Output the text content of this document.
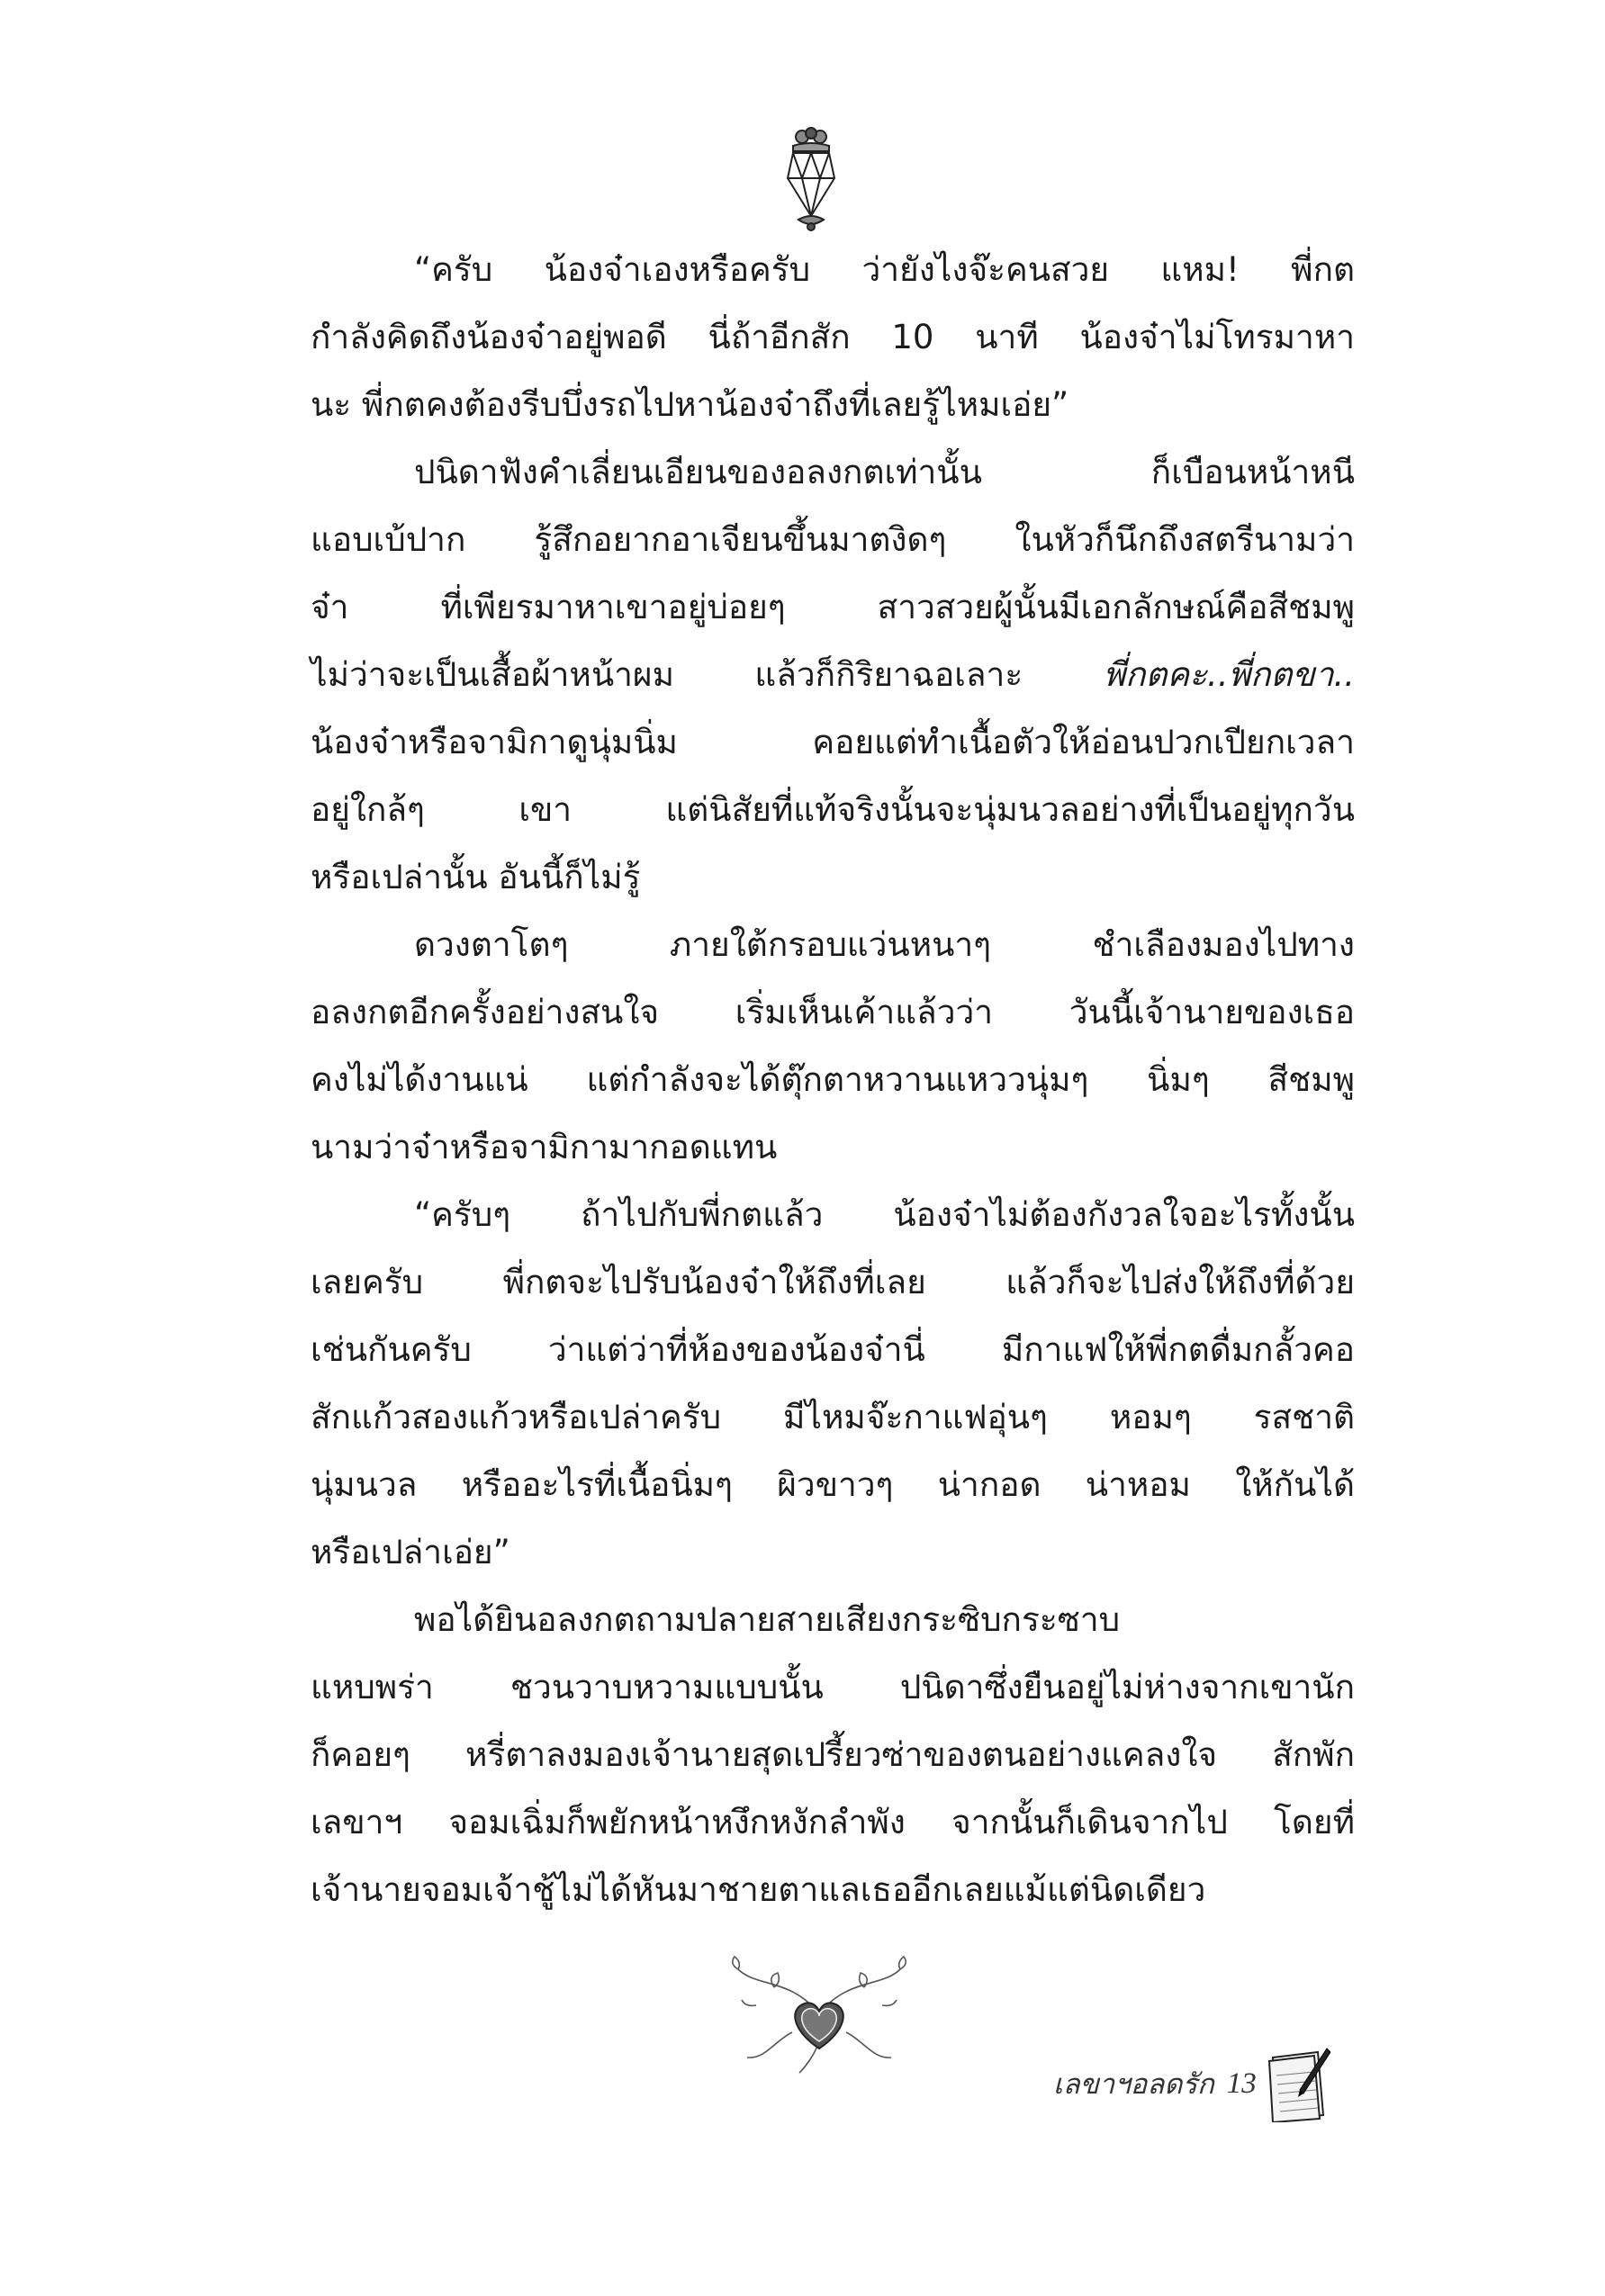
“ครับ น้องจ๋าเองหรือครับ ว่ายังไงจ๊ะคนสวย แหม! พี่กต
กำลังคิดถึงน้องจ๋าอยู่พอดี นี่ถ้าอีกสัก 10 นาที น้องจ๋าไม่โทรมาหา
นะ พี่กตคงต้องรีบบึ่งรถไปหาน้องจ๋าถึงที่เลยรู้ไหมเอ่ย”
ปนิดาฟังคำเลี่ยนเอียนของอลงกตเท่านั้น ก็เบือนหน้าหนี
แอบเบ้ปาก รู้สึกอยากอาเจียนขึ้นมาตงิดๆ ในหัวก็นึกถึงสตรีนามว่า
จ๋า ที่เพียรมาหาเขาอยู่บ่อยๆ สาวสวยผู้นั้นมีเอกลักษณ์คือสีชมพู
ไม่ว่าจะเป็นเสื้อผ้าหน้าผม แล้วก็กิริยาฉอเลาะ พี่กตคะ..พี่กตขา..
น้องจ๋าหรือจามิกาดูนุ่มนิ่ม คอยแต่ทำเนื้อตัวให้อ่อนปวกเปียกเวลา
อยู่ใกล้ๆ เขา แต่นิสัยที่แท้จริงนั้นจะนุ่มนวลอย่างที่เป็นอยู่ทุกวัน
หรือเปล่านั้น อันนี้ก็ไม่รู้
ดวงตาโตๆ ภายใต้กรอบแว่นหนาๆ ชำเลืองมองไปทาง
อลงกตอีกครั้งอย่างสนใจ เริ่มเห็นเค้าแล้วว่า วันนี้เจ้านายของเธอ
คงไม่ได้งานแน่ แต่กำลังจะได้ตุ๊กตาหวานแหววนุ่มๆ นิ่มๆ สีชมพู
นามว่าจ๋าหรือจามิกามากอดแทน
“ครับๆ ถ้าไปกับพี่กตแล้ว น้องจ๋าไม่ต้องกังวลใจอะไรทั้งนั้น
เลยครับ พี่กตจะไปรับน้องจ๋าให้ถึงที่เลย แล้วก็จะไปส่งให้ถึงที่ด้วย
เช่นกันครับ ว่าแต่ว่าที่ห้องของน้องจ๋านี่ มีกาแฟให้พี่กตดื่มกลั้วคอ
สักแก้วสองแก้วหรือเปล่าครับ มีไหมจ๊ะกาแฟอุ่นๆ หอมๆ รสชาติ
นุ่มนวล หรืออะไรที่เนื้อนิ่มๆ ผิวขาวๆ น่ากอด น่าหอม ให้กันได้
หรือเปล่าเอ่ย”
พอได้ยินอลงกตถามปลายสายเสียงกระซิบกระซาบ
แหบพร่า ชวนวาบหวามแบบนั้น ปนิดาซึ่งยืนอยู่ไม่ห่างจากเขานัก
ก็คอยๆ หรี่ตาลงมองเจ้านายสุดเปรี้ยวซ่าของตนอย่างแคลงใจ สักพัก
เลขาฯ จอมเฉิ่มก็พยักหน้าหงึกหงักลำพัง จากนั้นก็เดินจากไป โดยที่
เจ้านายจอมเจ้าชู้ไม่ได้หันมาชายตาแลเธออีกเลยแม้แต่นิดเดียว
เลขาฯอลดรัก 13
